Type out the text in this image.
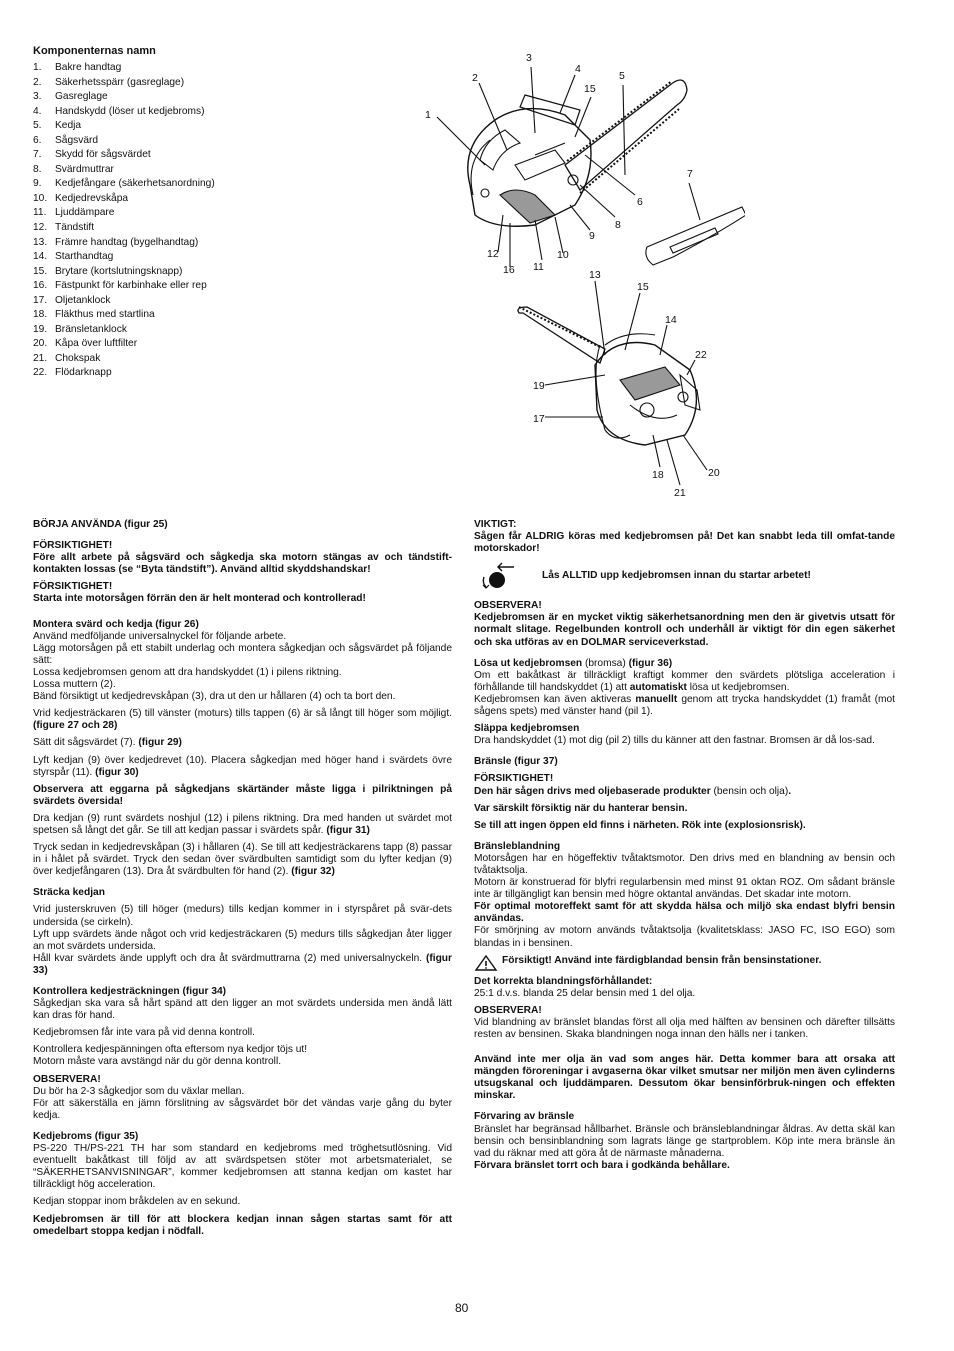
Komponenternas namn
1. Bakre handtag
2. Säkerhetsspärr (gasreglage)
3. Gasreglage
4. Handskydd (löser ut kedjebroms)
5. Kedja
6. Sågsvärd
7. Skydd för sågsvärdet
8. Svärdmuttrar
9. Kedjefångare (säkerhetsanordning)
10. Kedjedrevskåpa
11. Ljuddämpare
12. Tändstift
13. Främre handtag (bygelhandtag)
14. Starthandtag
15. Brytare (kortslutningsknapp)
16. Fästpunkt för karbinhake eller rep
17. Oljetanklock
18. Fläkthus med startlina
19. Bränsletanklock
20. Kåpa över luftfilter
21. Chokspak
22. Flödarknapp
1
2
3
4
15
5
7
6
8
9
12
16 11
10
13
15
14
22
19
17
18
21
20

BÖRJA ANVÄNDA (figur 25)

FÖRSIKTIGHET!

Före allt arbete på sågsvärd och sågkedja ska motorn stängas av och tändstift-kontakten lossas (se “Byta tändstift”). Använd alltid skyddshandskar!

FÖRSIKTIGHET!

Starta inte motorsågen förrän den är helt monterad och kontrollerad!

Montera svärd och kedja (figur 26)

Använd medföljande universalnyckel för följande arbete.

Lägg motorsågen på ett stabilt underlag och montera sågkedjan och sågsvärdet på följande sätt:

Lossa kedjebromsen genom att dra handskyddet (1) i pilens riktning.

Lossa muttern (2).

Bänd försiktigt ut kedjedrevskåpan (3), dra ut den ur hållaren (4) och ta bort den.

Vrid kedjesträckaren (5) till vänster (moturs) tills tappen (6) är så långt till höger som möjligt. (figure 27 och 28)

Sätt dit sågsvärdet (7). (figur 29)

Lyft kedjan (9) över kedjedrevet (10). Placera sågkedjan med höger hand i svärdets övre styrspår (11). (figur 30)

Observera att eggarna på sågkedjans skärtänder måste ligga i pilriktningen på svärdets översida!

Dra kedjan (9) runt svärdets noshjul (12) i pilens riktning. Dra med handen ut svärdet mot spetsen så långt det går. Se till att kedjan passar i svärdets spår. (figur 31)

Tryck sedan in kedjedrevskåpan (3) i hållaren (4). Se till att kedjesträckarens tapp (8) passar in i hålet på svärdet. Tryck den sedan över svärdbulten samtidigt som du lyfter kedjan (9) över kedjefångaren (13). Dra åt svärdbulten för hand (2). (figur 32)

Sträcka kedjan

Vrid justerskruven (5) till höger (medurs) tills kedjan kommer in i styrspåret på svär-dets undersida (se cirkeln).

Lyft upp svärdets ände något och vrid kedjesträckaren (5) medurs tills sågkedjan åter ligger an mot svärdets undersida.

Håll kvar svärdets ände upplyft och dra åt svärdmuttrarna (2) med universalnyckeln. (figur 33)

Kontrollera kedjesträckningen (figur 34)

Sågkedjan ska vara så hårt spänd att den ligger an mot svärdets undersida men ändå lätt kan dras för hand.

Kedjebromsen får inte vara på vid denna kontroll.

Kontrollera kedjespänningen ofta eftersom nya kedjor töjs ut!

Motorn måste vara avstängd när du gör denna kontroll.

OBSERVERA!

Du bör ha 2-3 sågkedjor som du växlar mellan.

För att säkerställa en jämn förslitning av sågsvärdet bör det vändas varje gång du byter kedja.

Kedjebroms (figur 35)

PS-220 TH/PS-221 TH har som standard en kedjebroms med tröghetsutlösning. Vid eventuellt bakåtkast till följd av att svärdspetsen stöter mot arbetsmaterialet, se “SÄKERHETSANVISNINGAR”, kommer kedjebromsen att stanna kedjan om kastet har tillräckligt hög acceleration.

Kedjan stoppar inom bråkdelen av en sekund.

Kedjebromsen är till för att blockera kedjan innan sågen startas samt för att omedelbart stoppa kedjan i nödfall.

VIKTIGT:

Sågen får ALDRIG köras med kedjebromsen på! Det kan snabbt leda till omfat-tande motorskador!

Lås ALLTID upp kedjebromsen innan du startar arbetet!

OBSERVERA!

Kedjebromsen är en mycket viktig säkerhetsanordning men den är givetvis utsatt för normalt slitage. Regelbunden kontroll och underhåll är viktigt för din egen säkerhet och ska utföras av en DOLMAR serviceverkstad.

Lösa ut kedjebromsen (bromsa) (figur 36)

Om ett bakåtkast är tillräckligt kraftigt kommer den svärdets plötsliga acceleration i förhållande till handskyddet (1) att automatiskt lösa ut kedjebromsen.

Kedjebromsen kan även aktiveras manuellt genom att trycka handskyddet (1) framåt (mot sågens spets) med vänster hand (pil 1).

Släppa kedjebromsen

Dra handskyddet (1) mot dig (pil 2) tills du känner att den fastnar. Bromsen är då los-sad.

Bränsle (figur 37)

FÖRSIKTIGHET!

Den här sågen drivs med oljebaserade produkter (bensin och olja).

Var särskilt försiktig när du hanterar bensin.

Se till att ingen öppen eld finns i närheten. Rök inte (explosionsrisk).

Bränsleblandning

Motorsågen har en högeffektiv tvåtaktsmotor. Den drivs med en blandning av bensin och tvåtaktsolja.

Motorn är konstruerad för blyfri regularbensin med minst 91 oktan ROZ. Om sådant bränsle inte är tillgängligt kan bensin med högre oktantal användas. Det skadar inte motorn.

För optimal motoreffekt samt för att skydda hälsa och miljö ska endast blyfri bensin användas.

För smörjning av motorn används tvåtaktsolja (kvalitetsklass: JASO FC, ISO EGO) som blandas in i bensinen.

Försiktigt! Använd inte färdigblandad bensin från bensinstationer.

Det korrekta blandningsförhållandet:

25:1 d.v.s. blanda 25 delar bensin med 1 del olja.

OBSERVERA!

Vid blandning av bränslet blandas först all olja med hälften av bensinen och därefter tillsätts resten av bensinen. Skaka blandningen noga innan den hälls ner i tanken.

Använd inte mer olja än vad som anges här. Detta kommer bara att orsaka att mängden föroreningar i avgaserna ökar vilket smutsar ner miljön men även cylinderns utsugskanal och ljuddämparen. Dessutom ökar bensinförbruk-ningen och effekten minskar.

Förvaring av bränsle

Bränslet har begränsad hållbarhet. Bränsle och bränsleblandningar åldras. Av detta skäl kan bensin och bensinblandning som lagrats länge ge startproblem. Köp inte mera bränsle än vad du räknar med att göra åt de närmaste månaderna.

Förvara bränslet torrt och bara i godkända behållare.

80
